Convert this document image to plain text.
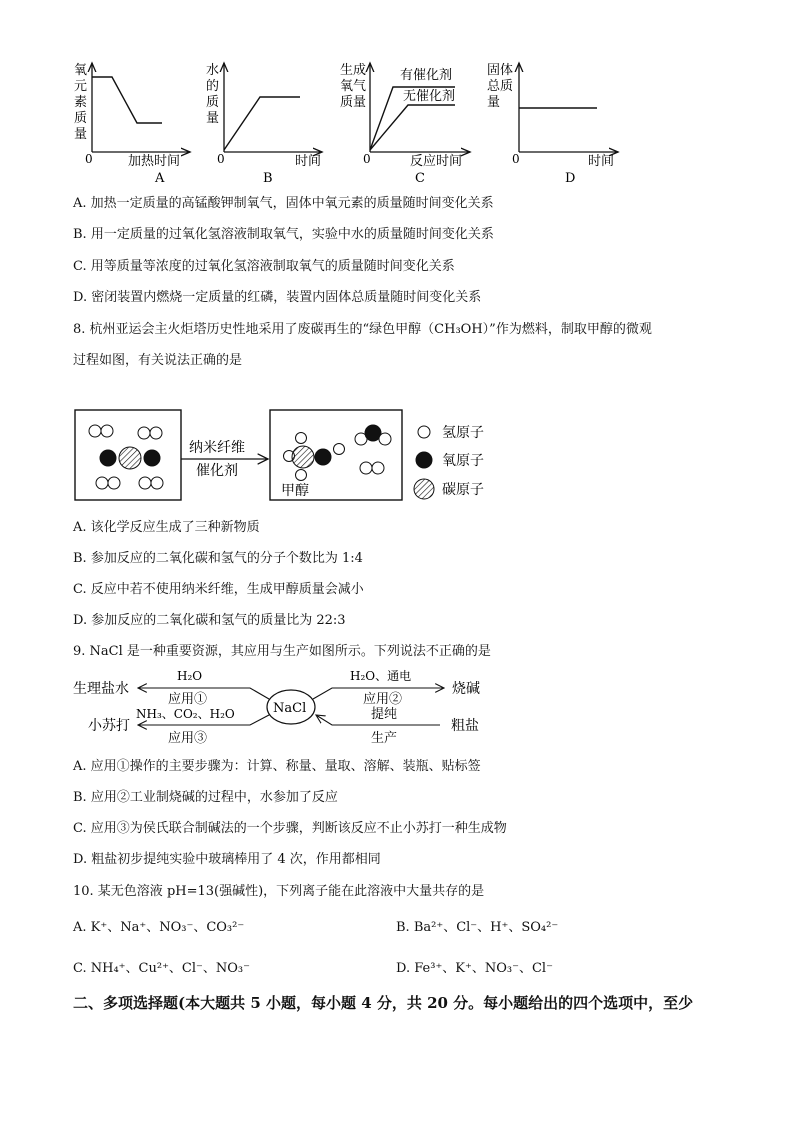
氧
元
素
质
量
0	加热时间
A
水
的
质
量
0	时间
B
生成
氧气
质量
有催化剂
无催化剂
0	反应时间
C
固体
总质
量
0	时间
D
A. 加热一定质量的高锰酸钾制氧气，固体中氧元素的质量随时间变化关系
B. 用一定质量的过氧化氢溶液制取氧气，实验中水的质量随时间变化关系
C. 用等质量等浓度的过氧化氢溶液制取氧气的质量随时间变化关系
D. 密闭装置内燃烧一定质量的红磷，装置内固体总质量随时间变化关系
8. 杭州亚运会主火炬塔历史性地采用了废碳再生的“绿色甲醇（CH₃OH）”作为燃料，制取甲醇的微观
过程如图，有关说法正确的是
纳米纤维
催化剂
甲醇
氢原子
氧原子
碳原子
A. 该化学反应生成了三种新物质
B. 参加反应的二氧化碳和氢气的分子个数比为 1:4
C. 反应中若不使用纳米纤维，生成甲醇质量会减小
D. 参加反应的二氧化碳和氢气的质量比为 22:3
9. NaCl 是一种重要资源，其应用与生产如图所示。下列说法不正确的是
NaCl
生理盐水
H₂O
应用①
小苏打
NH₃、CO₂、H₂O
应用③
烧碱
H₂O、通电
应用②
粗盐
提纯
生产
A. 应用①操作的主要步骤为：计算、称量、量取、溶解、装瓶、贴标签
B. 应用②工业制烧碱的过程中，水参加了反应
C. 应用③为侯氏联合制碱法的一个步骤，判断该反应不止小苏打一种生成物
D. 粗盐初步提纯实验中玻璃棒用了 4 次，作用都相同
10. 某无色溶液 pH=13(强碱性)，下列离子能在此溶液中大量共存的是
A. K⁺、Na⁺、NO₃⁻、CO₃²⁻	B. Ba²⁺、Cl⁻、H⁺、SO₄²⁻
C. NH₄⁺、Cu²⁺、Cl⁻、NO₃⁻	D. Fe³⁺、K⁺、NO₃⁻、Cl⁻
二、多项选择题(本大题共 5 小题，每小题 4 分，共 20 分。每小题给出的四个选项中，至少
